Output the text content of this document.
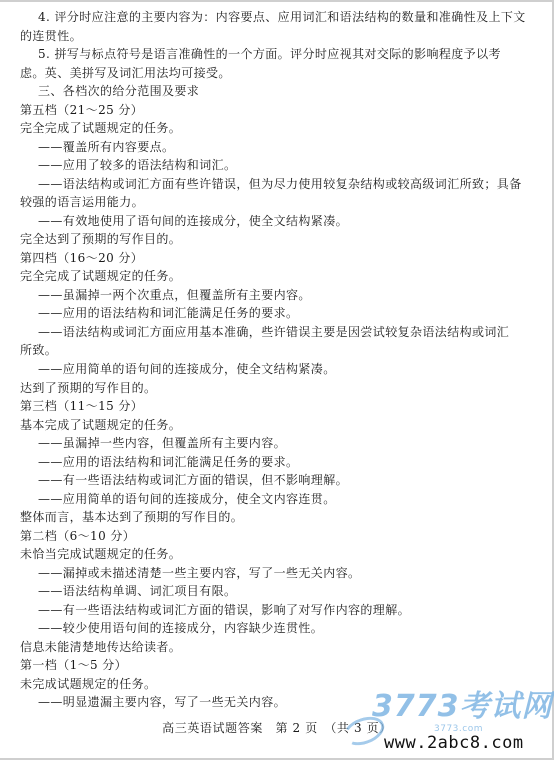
4. 评分时应注意的主要内容为：内容要点、应用词汇和语法结构的数量和准确性及上下文
的连贯性。
5. 拼写与标点符号是语言准确性的一个方面。评分时应视其对交际的影响程度予以考
虑。英、美拼写及词汇用法均可接受。
三、各档次的给分范围及要求
第五档（21～25 分）
完全完成了试题规定的任务。
——覆盖所有内容要点。
——应用了较多的语法结构和词汇。
——语法结构或词汇方面有些许错误，但为尽力使用较复杂结构或较高级词汇所致；具备
较强的语言运用能力。
——有效地使用了语句间的连接成分，使全文结构紧凑。
完全达到了预期的写作目的。
第四档（16～20 分）
完全完成了试题规定的任务。
——虽漏掉一两个次重点，但覆盖所有主要内容。
——应用的语法结构和词汇能满足任务的要求。
——语法结构或词汇方面应用基本准确，些许错误主要是因尝试较复杂语法结构或词汇
所致。
——应用简单的语句间的连接成分，使全文结构紧凑。
达到了预期的写作目的。
第三档（11～15 分）
基本完成了试题规定的任务。
——虽漏掉一些内容，但覆盖所有主要内容。
——应用的语法结构和词汇能满足任务的要求。
——有一些语法结构或词汇方面的错误，但不影响理解。
——应用简单的语句间的连接成分，使全文内容连贯。
整体而言，基本达到了预期的写作目的。
第二档（6～10 分）
未恰当完成试题规定的任务。
——漏掉或未描述清楚一些主要内容，写了一些无关内容。
——语法结构单调、词汇项目有限。
——有一些语法结构或词汇方面的错误，影响了对写作内容的理解。
——较少使用语句间的连接成分，内容缺少连贯性。
信息未能清楚地传达给读者。
第一档（1～5 分）
未完成试题规定的任务。
——明显遗漏主要内容，写了一些无关内容。
高三英语试题答案　第 2 页　（共 3 页）
3773考试网
3773.com
www.2abc8.com
